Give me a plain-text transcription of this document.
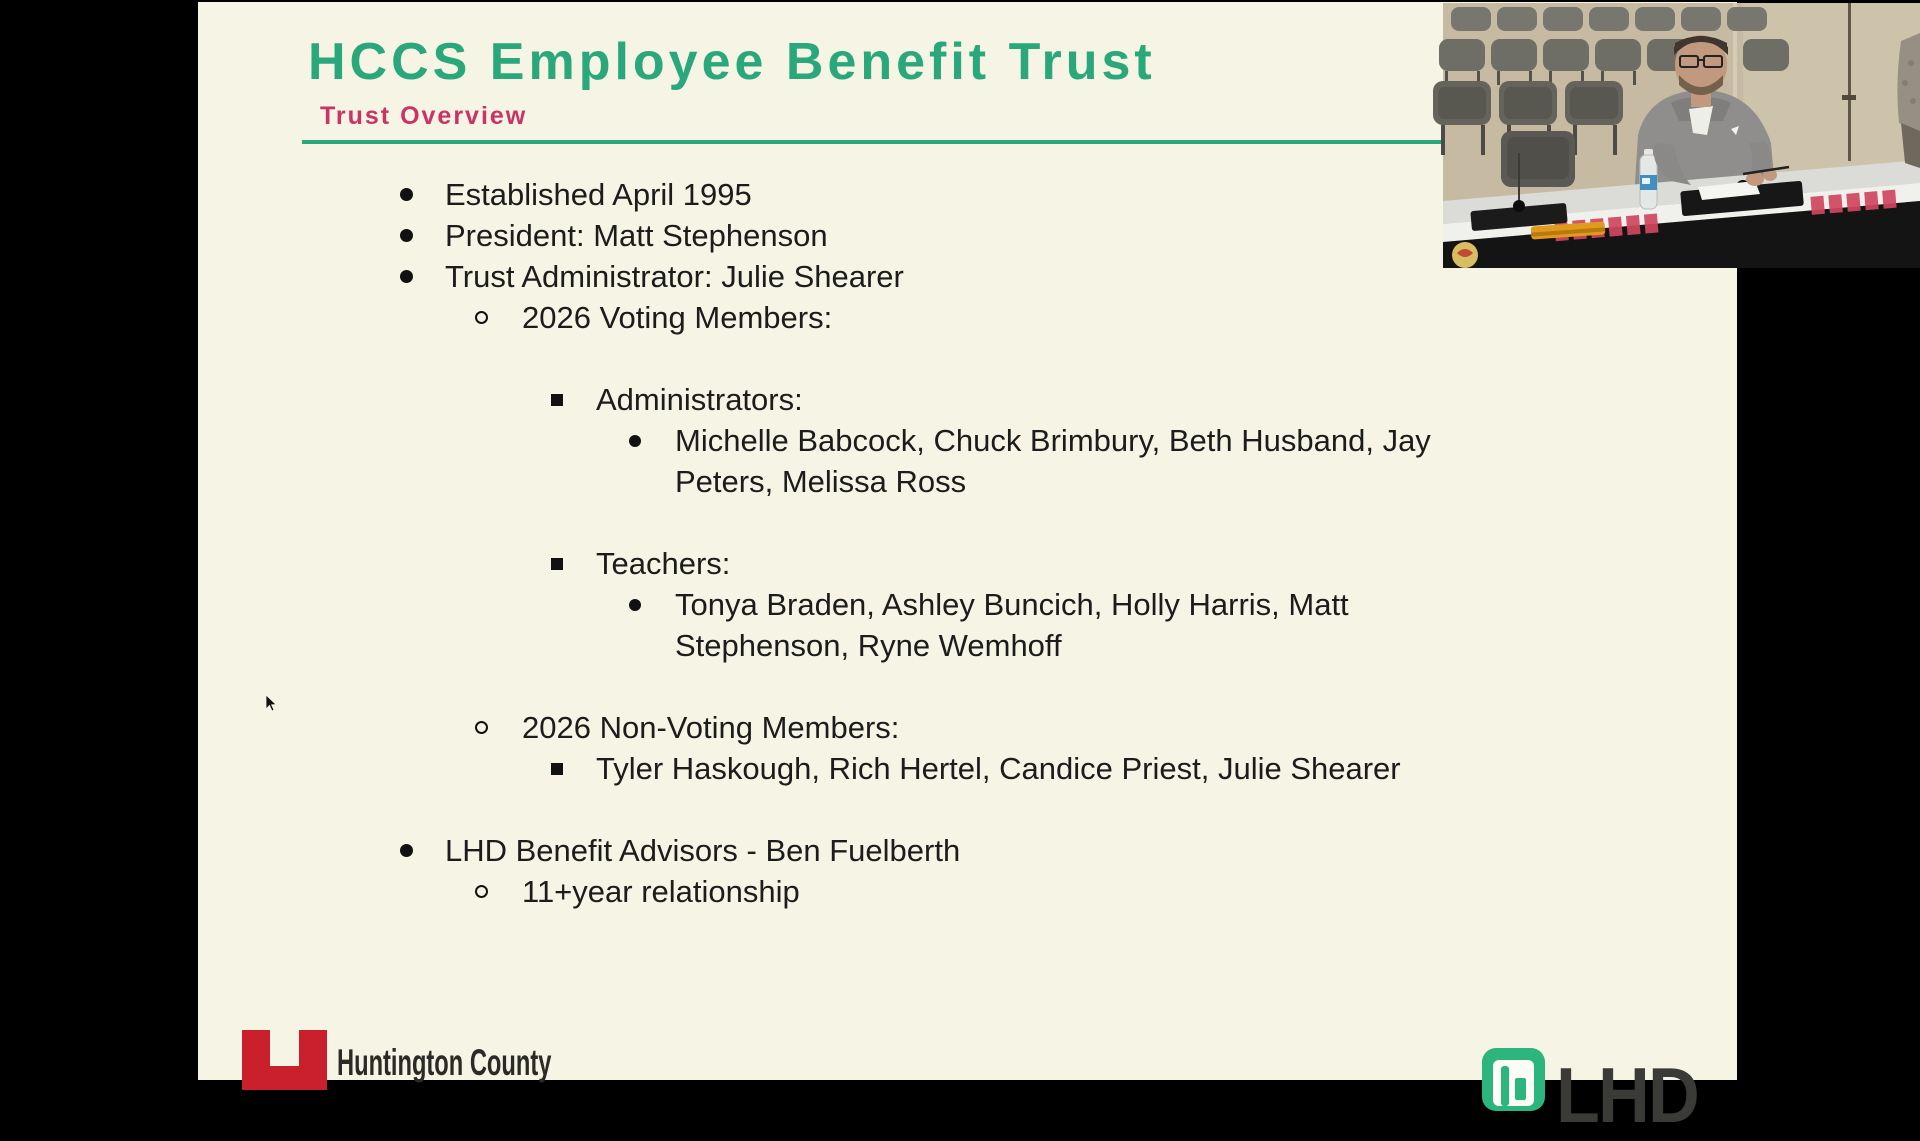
HCCS Employee Benefit Trust
Trust Overview
Established April 1995
President: Matt Stephenson
Trust Administrator: Julie Shearer
2026 Voting Members:
Administrators:
Michelle Babcock, Chuck Brimbury, Beth Husband, Jay Peters, Melissa Ross
Teachers:
Tonya Braden, Ashley Buncich, Holly Harris, Matt Stephenson, Ryne Wemhoff
2026 Non-Voting Members:
Tyler Haskough, Rich Hertel, Candice Priest, Julie Shearer
LHD Benefit Advisors - Ben Fuelberth
11+year relationship
Huntington County	LHD
